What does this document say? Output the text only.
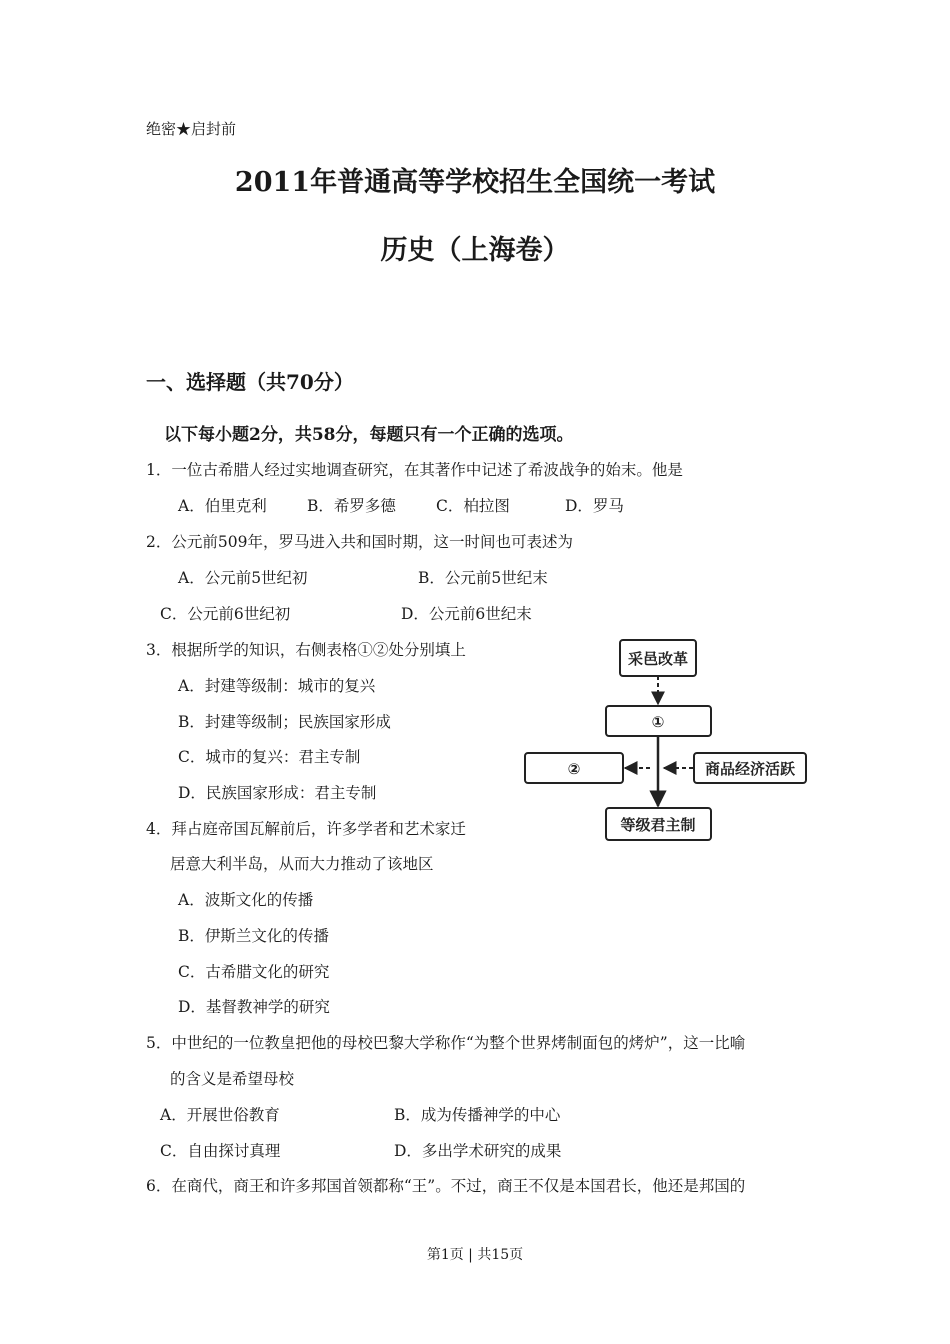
绝密★启封前
2011年普通高等学校招生全国统一考试
历史（上海卷）
一、选择题（共70分）
以下每小题2分，共58分，每题只有一个正确的选项。
1．一位古希腊人经过实地调查研究，在其著作中记述了希波战争的始末。他是
A．伯里克利	B．希罗多德	C．柏拉图	D．罗马
2．公元前509年，罗马进入共和国时期，这一时间也可表述为
A．公元前5世纪初	B．公元前5世纪末
C．公元前6世纪初	D．公元前6世纪末
3．根据所学的知识，右侧表格①②处分别填上
A．封建等级制：城市的复兴
B．封建等级制；民族国家形成
C．城市的复兴：君主专制
D．民族国家形成：君主专制
采邑改革
①
②	商品经济活跃
等级君主制
4．拜占庭帝国瓦解前后，许多学者和艺术家迁
居意大利半岛，从而大力推动了该地区
A．波斯文化的传播
B．伊斯兰文化的传播
C．古希腊文化的研究
D．基督教神学的研究
5．中世纪的一位教皇把他的母校巴黎大学称作“为整个世界烤制面包的烤炉”，这一比喻
的含义是希望母校
A．开展世俗教育	B．成为传播神学的中心
C．自由探讨真理	D．多出学术研究的成果
6．在商代，商王和许多邦国首领都称“王”。不过，商王不仅是本国君长，他还是邦国的
第1页 | 共15页
